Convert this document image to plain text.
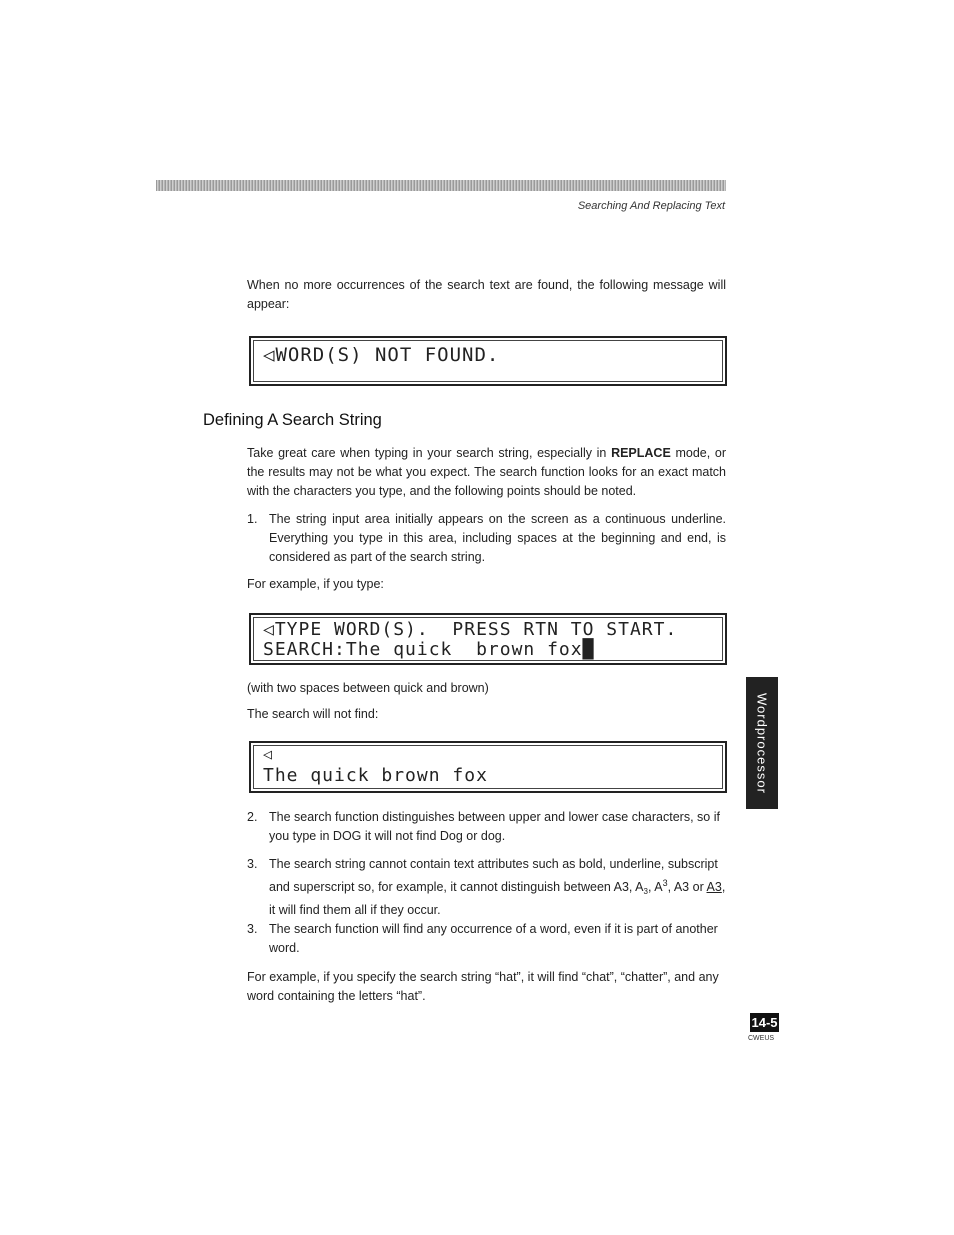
Searching And Replacing Text
When no more occurrences of the search text are found, the following message will appear:
◁WORD(S) NOT FOUND.
Defining A Search String
Take great care when typing in your search string, especially in REPLACE mode, or the results may not be what you expect. The search function looks for an exact match with the characters you type, and the following points should be noted.
1. The string input area initially appears on the screen as a continuous underline. Everything you type in this area, including spaces at the beginning and end, is considered as part of the search string.
For example, if you type:
◁TYPE WORD(S).  PRESS RTN TO START.
SEARCH:The quick  brown fox█
(with two spaces between quick and brown)
The search will not find:
◁
The quick brown fox
2. The search function distinguishes between upper and lower case characters, so if you type in DOG it will not find Dog or dog.
3. The search string cannot contain text attributes such as bold, underline, subscript and superscript so, for example, it cannot distinguish between A3, $A_3$, $A^3$, A3 or A3, it will find them all if they occur.
3. The search function will find any occurrence of a word, even if it is part of another word.
For example, if you specify the search string “hat”, it will find “chat”, “chatter”, and any word containing the letters “hat”.
Wordprocessor
14-5
CWEUS
